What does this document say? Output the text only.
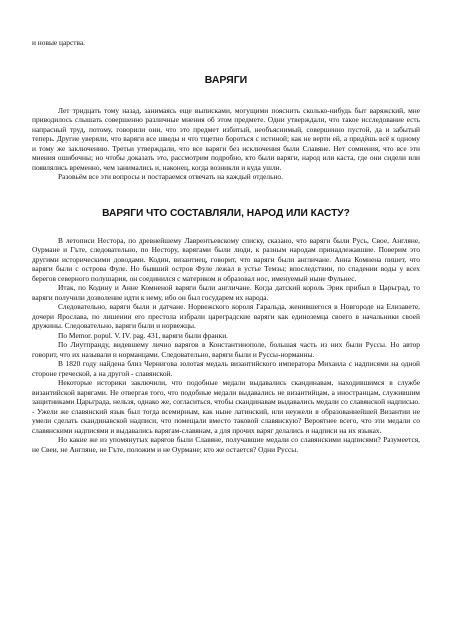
и новые царства.

ВАРЯГИ

Лет тридцать тому назад, занимаясь еще выписками, могущими пояснить сколько-нибудь быт варяжский, мне приводилось слышать совершенно различные мнения об этом предмете. Одни утверждали, что такое исследование есть напрасный труд, потому, говорили они, что это предмет избитый, необъяснимый, совершенно пустой, да и забытый теперь. Другие уверяли, что варяги все шведы и что тщетно бороться с истиной; как не верти ей, а придёшь всё к одному и тому же заключению. Третьи утверждали, что все варяги без исключения были Славяне. Нет сомнения, что все эти мнения ошибочны; но чтобы доказать это, рассмотрим подробно, кто были варяги, народ или каста, где они сидели или появлялись временно, чем занимались и, наконец, когда возникли и куда ушли.

Разовьём все эти вопросы и постараемся отвечать на каждый отдельно.

ВАРЯГИ ЧТО СОСТАВЛЯЛИ, НАРОД ИЛИ КАСТУ?

В летописи Нестора, по древнейшему Лаврентьевскому списку, сказано, что варяги были Русь, Свое, Англяне, Оурмане и Гъте, следовательно, по Нестору, варягами были люди, к разным народам принадлежавшие. Поверим это другими историческими доводами. Кодин, византиец, говорит, что варяги были англичане. Анна Комнена пишет, что варяги были с острова Фуле. Но бывший остров Фуле лежал в устье Темзы; впоследствии, по спадении воды у всех берегов северного полушария, он соединился с материком и образовал нос, именуемый ныне Фульнес.

Итак, по Кодину и Анне Комненой варяги были англичане. Когда датский король Эрик прибыл в Царьград, то варяги получили дозволение идти к нему, ибо он был государем их народа.

Следовательно, варяги были и датчане. Норвежского короля Гаральда, женившегося в Новгороде на Елизавете, дочери Ярослава, по лишении его престола избрали цареградские варяги как единоземца своего в начальники своей дружины. Следовательно, варяги были и норвежцы.

По Memor. popul. V. IV. pag. 431, варяги были франки.

По Лиутпранду, видевшему лично варягов в Константинополе, большая часть из них были Руссы. Но автор говорит, что их называли и норманцами. Следовательно, варяги были и Руссы-норманны.

В 1820 году найдена близ Чернигова золотая медаль византийского императора Михаила с надписями на одной стороне греческой, а на другой - славянской.

Некоторые историки заключили, что подобные медали выдавались скандинавам, находившимся в службе византийской варягами. Не отвергая того, что подобные медали выдавались не византийцам, а иностранцам, служившим защитниками Царьграда, нельзя, однако же, согласиться, чтобы скандинавам выдавались медали со славянской надписью. - Ужели же славянский язык был тогда всемирным, как ныне латинский, или неужели в образованнейшей Византии не умели сделать скандинавской надписи, что помещали вместо таковой славянскую? Вероятнее всего, что эти медали со славянскими надписями и выдавались варягам-славянам, а для прочих варяг делались и надписи на их языках.

Но какие же из упомянутых варягов были Славяне, получавшие медали со славянскими надписями? Разумеется, не Свеи, не Англяне, не Гъте, положим и не Оурмане; кто же остается? Одни Руссы.
